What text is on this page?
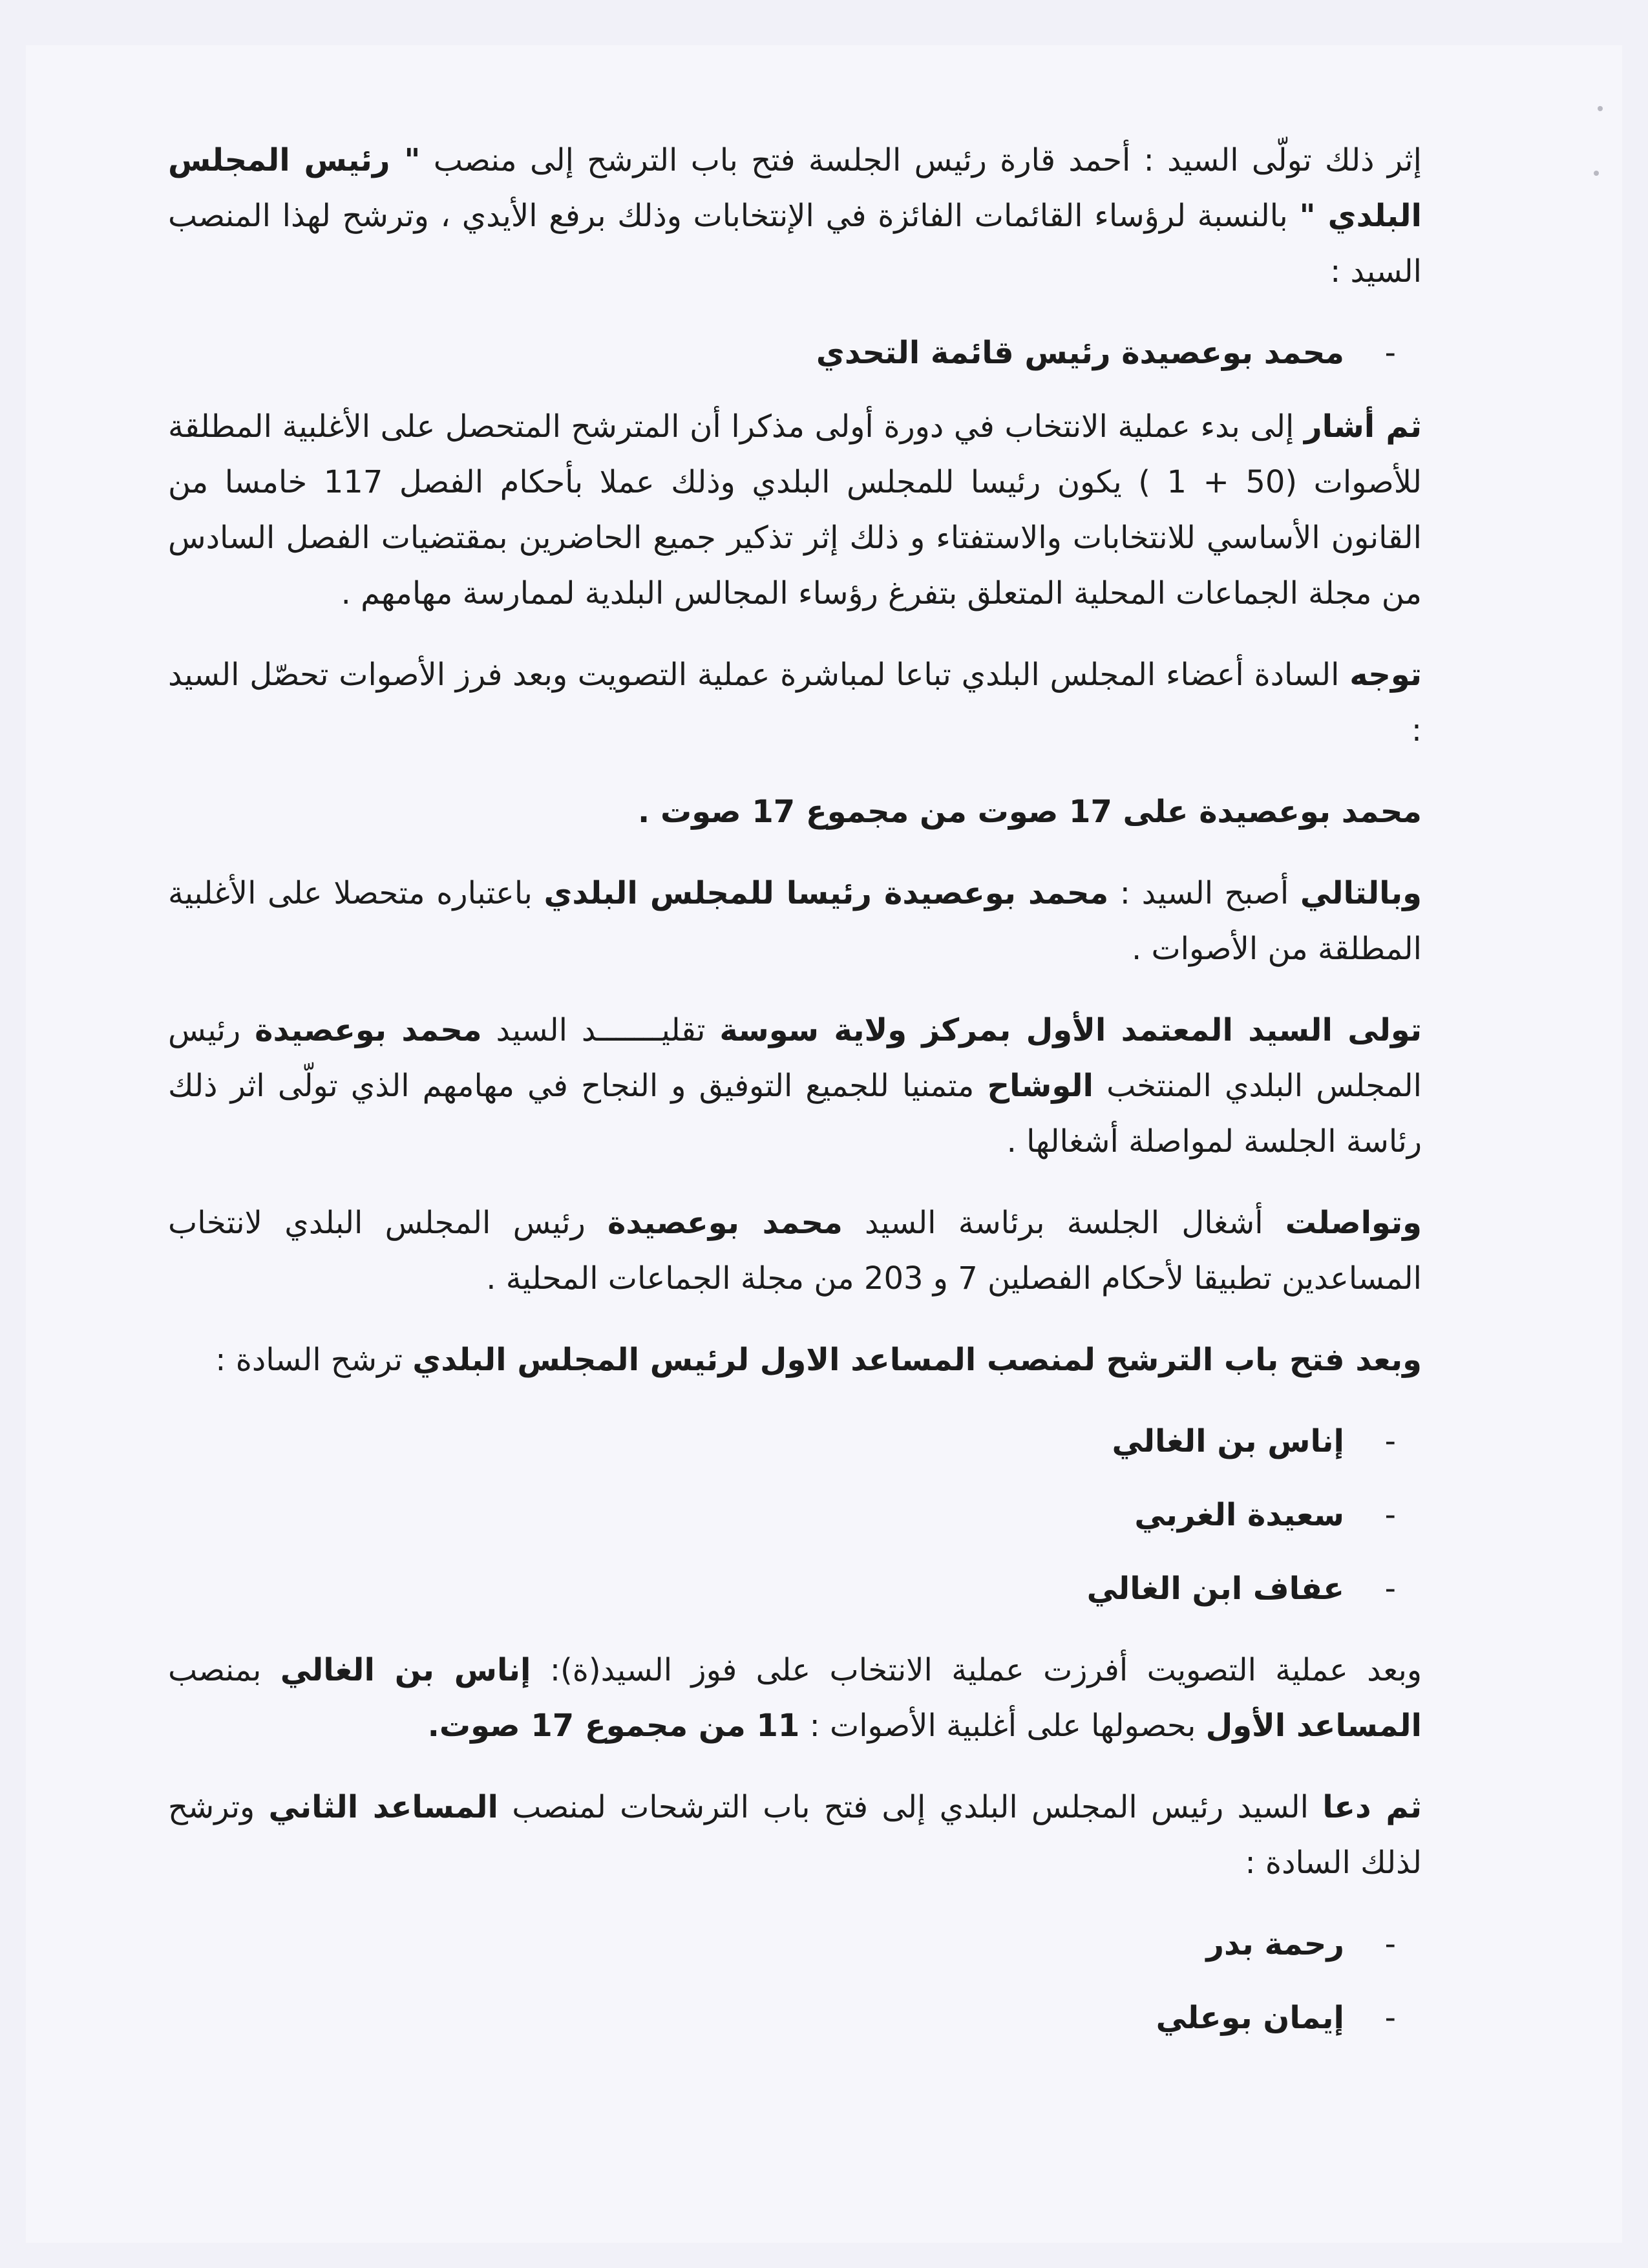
إثر ذلك تولّى السيد : أحمد قارة رئيس الجلسة فتح باب الترشح إلى منصب " رئيس المجلس البلدي " بالنسبة لرؤساء القائمات الفائزة في الإنتخابات وذلك برفع الأيدي ، وترشح لهذا المنصب السيد :

-محمد بوعصيدة رئيس قائمة التحدي

ثم أشار إلى بدء عملية الانتخاب في دورة أولى مذكرا أن المترشح المتحصل على الأغلبية المطلقة للأصوات (50 + 1 ) يكون رئيسا للمجلس البلدي وذلك عملا بأحكام الفصل 117 خامسا من القانون الأساسي للانتخابات والاستفتاء و ذلك إثر تذكير جميع الحاضرين بمقتضيات الفصل السادس من مجلة الجماعات المحلية المتعلق بتفرغ رؤساء المجالس البلدية لممارسة مهامهم .

توجه السادة أعضاء المجلس البلدي تباعا لمباشرة عملية التصويت وبعد فرز الأصوات تحصّل السيد :

محمد بوعصيدة على 17 صوت من مجموع 17 صوت .

وبالتالي أصبح السيد : محمد بوعصيدة رئيسا للمجلس البلدي باعتباره متحصلا على الأغلبية المطلقة من الأصوات .

تولى السيد المعتمد الأول بمركز ولاية سوسة تقليـــــــد السيد محمد بوعصيدة رئيس المجلس البلدي المنتخب الوشاح متمنيا للجميع التوفيق و النجاح في مهامهم الذي تولّى اثر ذلك رئاسة الجلسة لمواصلة أشغالها .

وتواصلت أشغال الجلسة برئاسة السيد محمد بوعصيدة رئيس المجلس البلدي لانتخاب المساعدين تطبيقا لأحكام الفصلين 7 و 203 من مجلة الجماعات المحلية .

وبعد فتح باب الترشح لمنصب المساعد الاول لرئيس المجلس البلدي ترشح السادة :

-إناس بن الغالي

-سعيدة الغربي

-عفاف ابن الغالي

وبعد عملية التصويت أفرزت عملية الانتخاب على فوز السيد(ة): إناس بن الغالي بمنصب المساعد الأول بحصولها على أغلبية الأصوات : 11 من مجموع 17 صوت.

ثم دعا السيد رئيس المجلس البلدي إلى فتح باب الترشحات لمنصب المساعد الثاني وترشح لذلك السادة :

-رحمة بدر

-إيمان بوعلي
